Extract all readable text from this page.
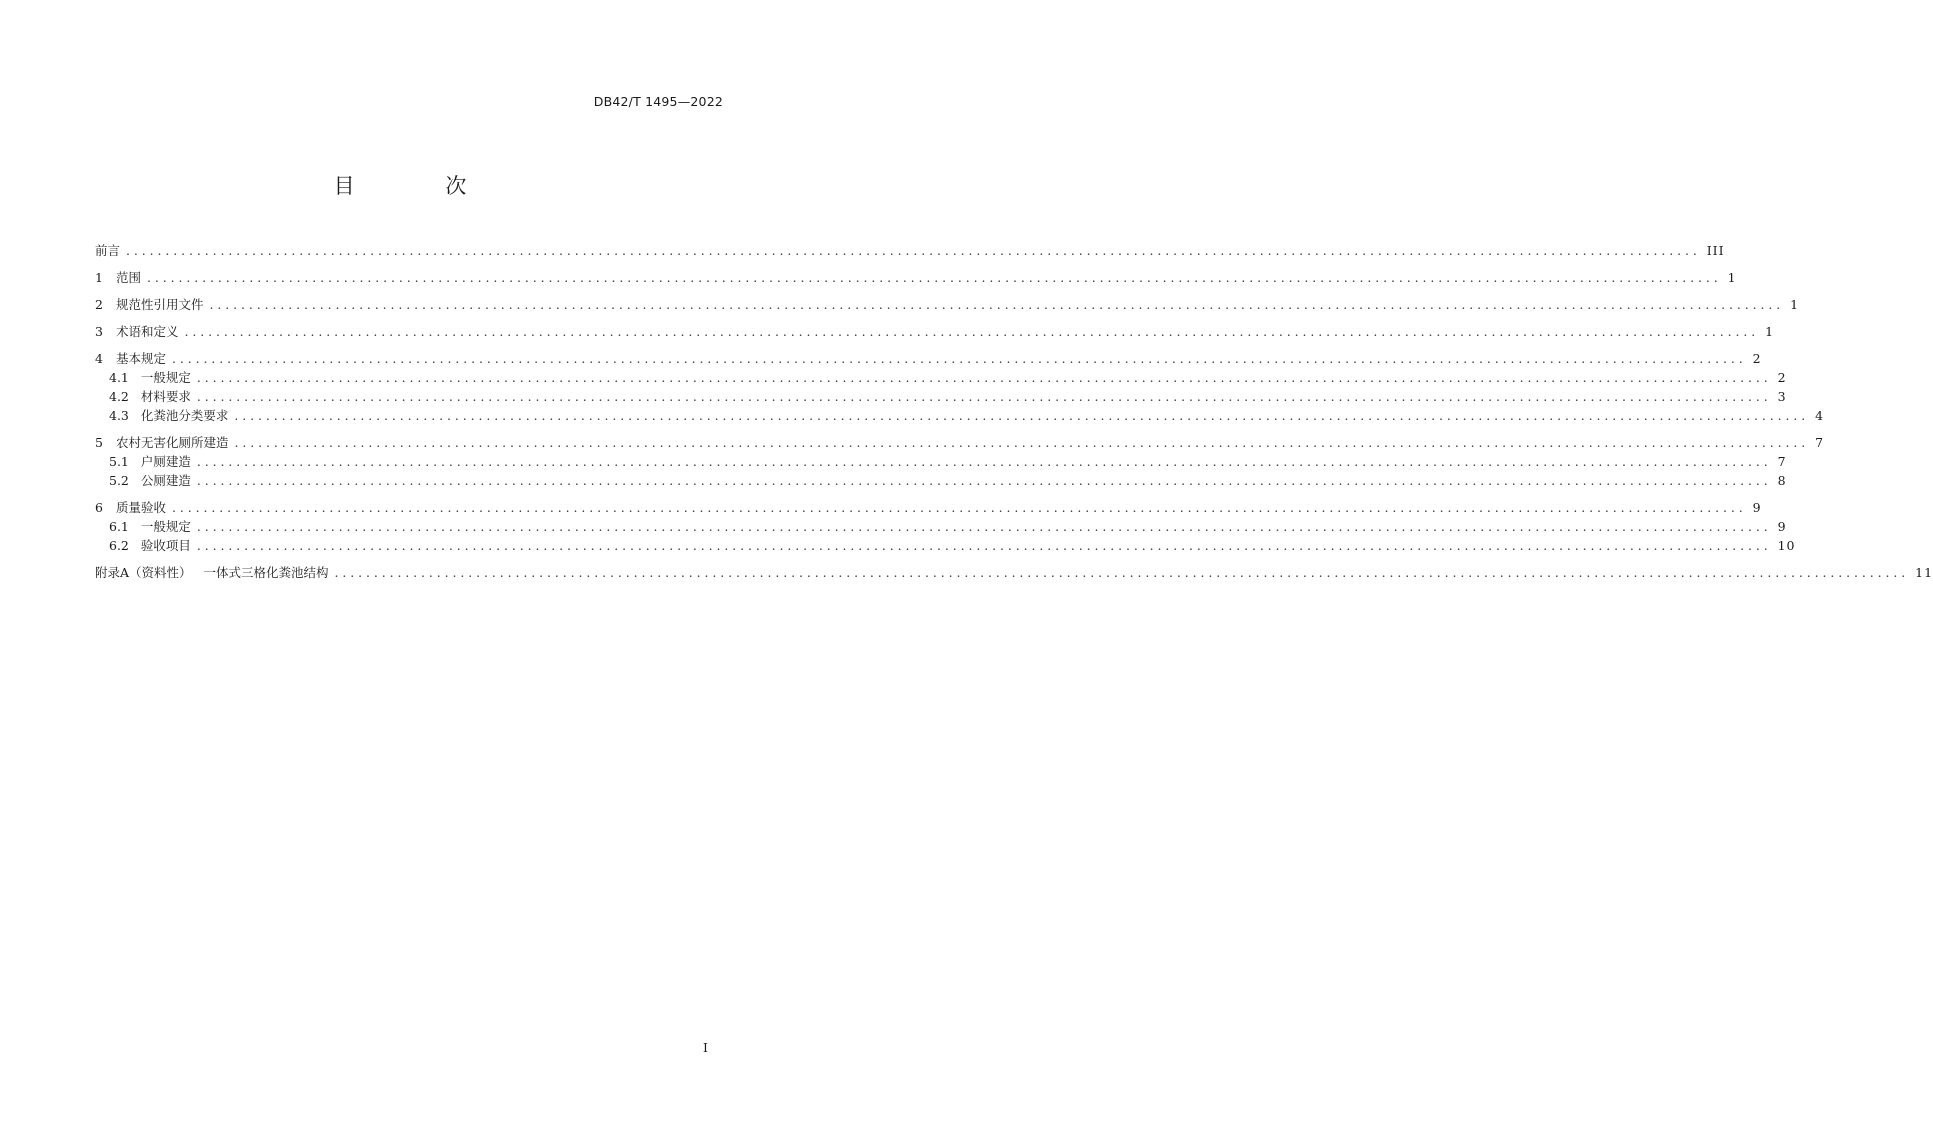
DB42/T 1495—2022
目 次
前言 ........................................................................................................................................................................................................ III
1 范围 ........................................................................................................................................................................................................ 1
2 规范性引用文件 ........................................................................................................................................................................................................ 1
3 术语和定义 ........................................................................................................................................................................................................ 1
4 基本规定 ........................................................................................................................................................................................................ 2
4.1 一般规定 ........................................................................................................................................................................................................ 2
4.2 材料要求 ........................................................................................................................................................................................................ 3
4.3 化粪池分类要求 ........................................................................................................................................................................................................ 4
5 农村无害化厕所建造 ........................................................................................................................................................................................................ 7
5.1 户厕建造 ........................................................................................................................................................................................................ 7
5.2 公厕建造 ........................................................................................................................................................................................................ 8
6 质量验收 ........................................................................................................................................................................................................ 9
6.1 一般规定 ........................................................................................................................................................................................................ 9
6.2 验收项目 ........................................................................................................................................................................................................ 10
附录A（资料性）   一体式三格化粪池结构 ........................................................................................................................................................................................................ 11
I
